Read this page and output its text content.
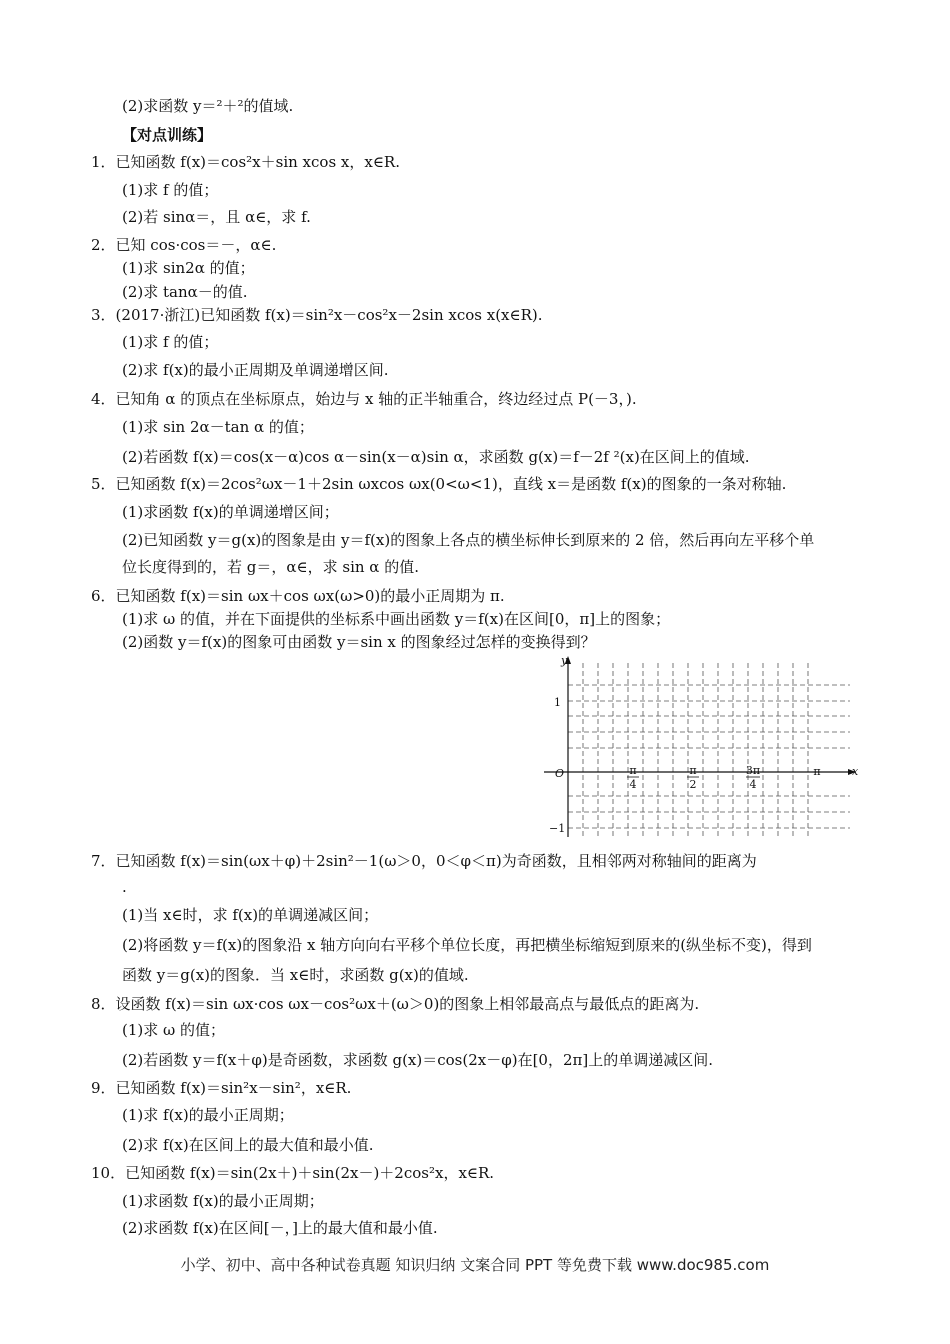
(2)求函数 y＝²＋²的值域.
【对点训练】
1．已知函数 f(x)＝cos²x＋sin xcos x，x∈R.
(1)求 f 的值；
(2)若 sinα＝，且 α∈，求 f.
2．已知 cos·cos＝－，α∈.
(1)求 sin2α 的值；
(2)求 tanα－的值.
3．(2017·浙江)已知函数 f(x)＝sin²x－cos²x－2sin xcos x(x∈R).
(1)求 f 的值；
(2)求 f(x)的最小正周期及单调递增区间.
4．已知角 α 的顶点在坐标原点，始边与 x 轴的正半轴重合，终边经过点 P(－3，).
(1)求 sin 2α－tan α 的值；
(2)若函数 f(x)＝cos(x－α)cos α－sin(x－α)sin α，求函数 g(x)＝f－2f ²(x)在区间上的值域.
5．已知函数 f(x)＝2cos²ωx－1＋2sin ωxcos ωx(0<ω<1)，直线 x＝是函数 f(x)的图象的一条对称轴.
(1)求函数 f(x)的单调递增区间；
(2)已知函数 y＝g(x)的图象是由 y＝f(x)的图象上各点的横坐标伸长到原来的 2 倍，然后再向左平移个单
位长度得到的，若 g＝，α∈，求 sin α 的值.
6．已知函数 f(x)＝sin ωx＋cos ωx(ω>0)的最小正周期为 π.
(1)求 ω 的值，并在下面提供的坐标系中画出函数 y＝f(x)在区间[0，π]上的图象；
(2)函数 y＝f(x)的图象可由函数 y＝sin x 的图象经过怎样的变换得到？
y
x
O
1
−1
π
4
π
2
3π
4
π
7．已知函数 f(x)＝sin(ωx＋φ)＋2sin²－1(ω＞0，0＜φ＜π)为奇函数，且相邻两对称轴间的距离为
.
(1)当 x∈时，求 f(x)的单调递减区间；
(2)将函数 y＝f(x)的图象沿 x 轴方向向右平移个单位长度，再把横坐标缩短到原来的(纵坐标不变)，得到
函数 y＝g(x)的图象．当 x∈时，求函数 g(x)的值域.
8．设函数 f(x)＝sin ωx·cos ωx－cos²ωx＋(ω＞0)的图象上相邻最高点与最低点的距离为.
(1)求 ω 的值；
(2)若函数 y＝f(x＋φ)是奇函数，求函数 g(x)＝cos(2x－φ)在[0，2π]上的单调递减区间.
9．已知函数 f(x)＝sin²x－sin²，x∈R.
(1)求 f(x)的最小正周期；
(2)求 f(x)在区间上的最大值和最小值.
10．已知函数 f(x)＝sin(2x＋)＋sin(2x－)＋2cos²x，x∈R.
(1)求函数 f(x)的最小正周期；
(2)求函数 f(x)在区间[－，]上的最大值和最小值.
小学、初中、高中各种试卷真题 知识归纳 文案合同 PPT 等免费下载 www.doc985.com
